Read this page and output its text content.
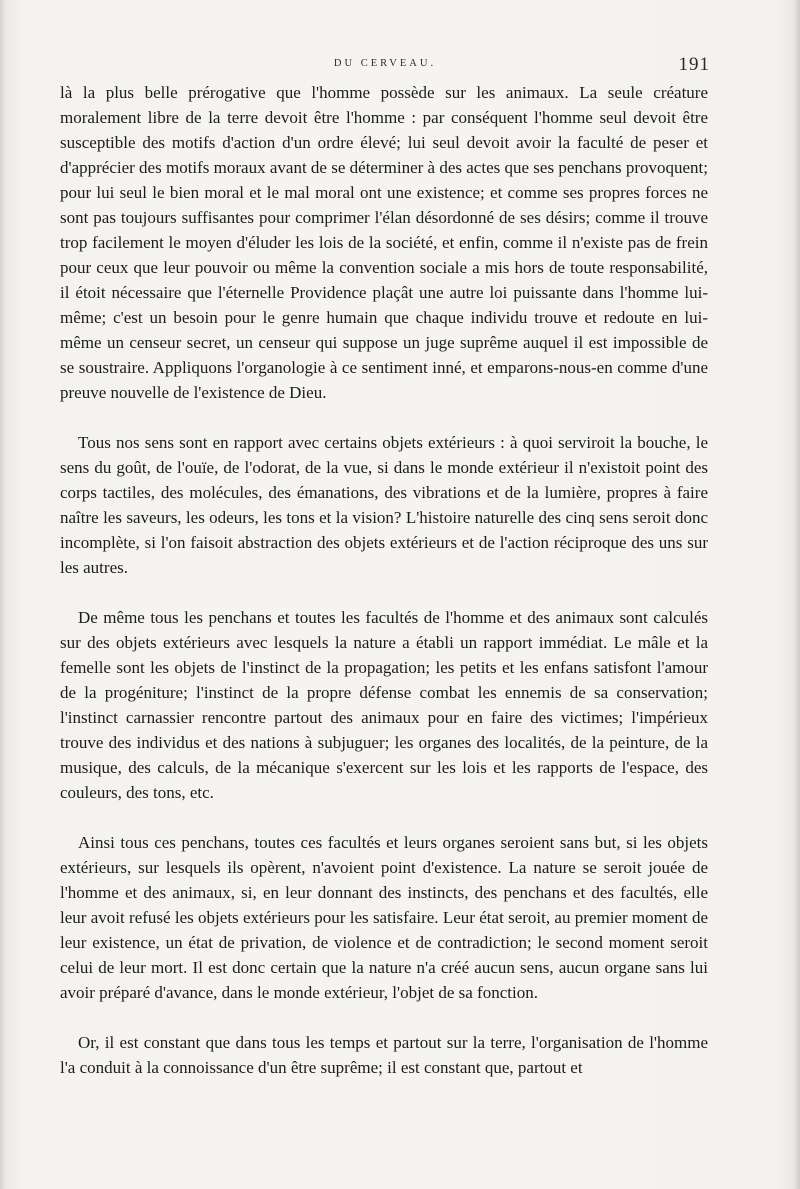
DU CERVEAU.	191

là la plus belle prérogative que l'homme possède sur les animaux. La seule créature moralement libre de la terre devoit être l'homme : par conséquent l'homme seul devoit être susceptible des motifs d'action d'un ordre élevé; lui seul devoit avoir la faculté de peser et d'apprécier des motifs moraux avant de se déterminer à des actes que ses penchans provoquent; pour lui seul le bien moral et le mal moral ont une existence; et comme ses propres forces ne sont pas toujours suffisantes pour comprimer l'élan désordonné de ses désirs; comme il trouve trop facilement le moyen d'éluder les lois de la société, et enfin, comme il n'existe pas de frein pour ceux que leur pouvoir ou même la convention sociale a mis hors de toute responsabilité, il étoit nécessaire que l'éternelle Providence plaçât une autre loi puissante dans l'homme lui-même; c'est un besoin pour le genre humain que chaque individu trouve et redoute en lui-même un censeur secret, un censeur qui suppose un juge suprême auquel il est impossible de se soustraire. Appliquons l'organologie à ce sentiment inné, et emparons-nous-en comme d'une preuve nouvelle de l'existence de Dieu.

Tous nos sens sont en rapport avec certains objets extérieurs : à quoi serviroit la bouche, le sens du goût, de l'ouïe, de l'odorat, de la vue, si dans le monde extérieur il n'existoit point des corps tactiles, des molécules, des émanations, des vibrations et de la lumière, propres à faire naître les saveurs, les odeurs, les tons et la vision? L'histoire naturelle des cinq sens seroit donc incomplète, si l'on faisoit abstraction des objets extérieurs et de l'action réciproque des uns sur les autres.

De même tous les penchans et toutes les facultés de l'homme et des animaux sont calculés sur des objets extérieurs avec lesquels la nature a établi un rapport immédiat. Le mâle et la femelle sont les objets de l'instinct de la propagation; les petits et les enfans satisfont l'amour de la progéniture; l'instinct de la propre défense combat les ennemis de sa conservation; l'instinct carnassier rencontre partout des animaux pour en faire des victimes; l'impérieux trouve des individus et des nations à subjuguer; les organes des localités, de la peinture, de la musique, des calculs, de la mécanique s'exercent sur les lois et les rapports de l'espace, des couleurs, des tons, etc.

Ainsi tous ces penchans, toutes ces facultés et leurs organes seroient sans but, si les objets extérieurs, sur lesquels ils opèrent, n'avoient point d'existence. La nature se seroit jouée de l'homme et des animaux, si, en leur donnant des instincts, des penchans et des facultés, elle leur avoit refusé les objets extérieurs pour les satisfaire. Leur état seroit, au premier moment de leur existence, un état de privation, de violence et de contradiction; le second moment seroit celui de leur mort. Il est donc certain que la nature n'a créé aucun sens, aucun organe sans lui avoir préparé d'avance, dans le monde extérieur, l'objet de sa fonction.

Or, il est constant que dans tous les temps et partout sur la terre, l'organisation de l'homme l'a conduit à la connoissance d'un être suprême; il est constant que, partout et
